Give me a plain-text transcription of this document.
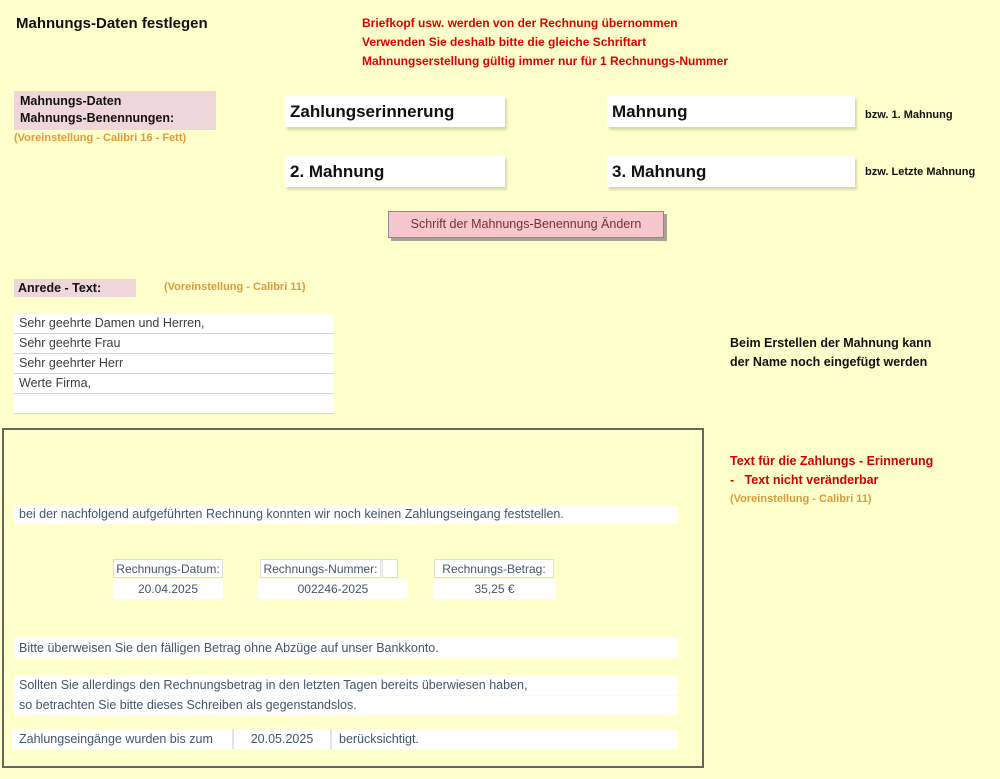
Mahnungs-Daten festlegen	Briefkopf usw. werden von der Rechnung übernommen
Verwenden Sie deshalb bitte die gleiche Schriftart
Mahnungserstellung gültig immer nur für 1 Rechnungs-Nummer
Mahnungs-Daten
Mahnungs-Benennungen:
(Voreinstellung - Calibri 16 - Fett)
Zahlungserinnerung	Mahnung	bzw. 1. Mahnung
2. Mahnung	3. Mahnung	bzw. Letzte Mahnung
Schrift der Mahnungs-Benennung Ändern
Anrede - Text:	(Voreinstellung - Calibri 11)
Sehr geehrte Damen und Herren,
Sehr geehrte Frau
Sehr geehrter Herr
Werte Firma,
Beim Erstellen der Mahnung kann
der Name noch eingefügt werden
bei der nachfolgend aufgeführten Rechnung konnten wir noch keinen Zahlungseingang feststellen.
Rechnungs-Datum:	Rechnungs-Nummer:	Rechnungs-Betrag:
20.04.2025	002246-2025	35,25 €
Bitte überweisen Sie den fälligen Betrag ohne Abzüge auf unser Bankkonto.
Sollten Sie allerdings den Rechnungsbetrag in den letzten Tagen bereits überwiesen haben,
so betrachten Sie bitte dieses Schreiben als gegenstandslos.
Zahlungseingänge wurden bis zum	20.05.2025	berücksichtigt.
Text für die Zahlungs - Erinnerung
-   Text nicht veränderbar
(Voreinstellung - Calibri 11)
